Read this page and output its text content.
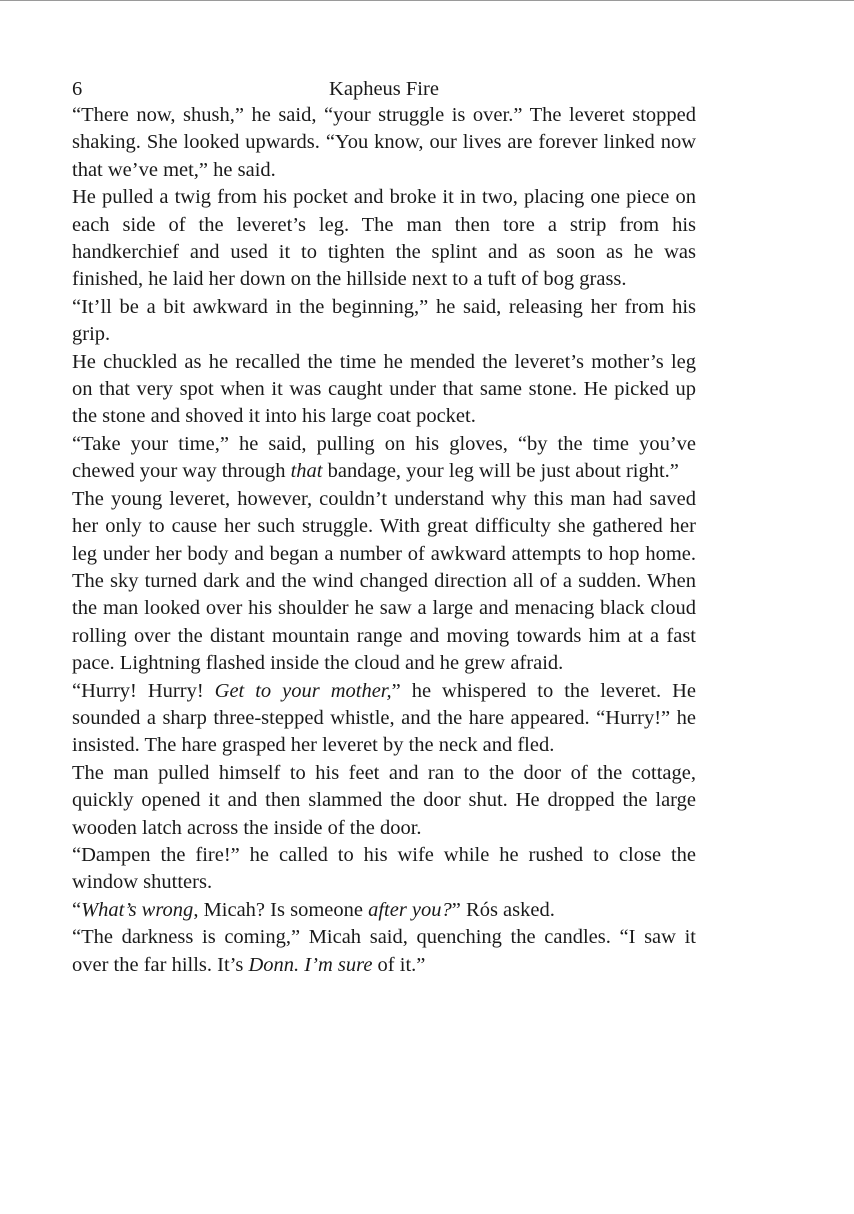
6	Kapheus Fire

“There now, shush,” he said, “your struggle is over.” The leveret stopped shaking. She looked upwards. “You know, our lives are forever linked now that we’ve met,” he said.

He pulled a twig from his pocket and broke it in two, placing one piece on each side of the leveret’s leg. The man then tore a strip from his handkerchief and used it to tighten the splint and as soon as he was finished, he laid her down on the hillside next to a tuft of bog grass.

“It’ll be a bit awkward in the beginning,” he said, releasing her from his grip.

He chuckled as he recalled the time he mended the leveret’s mother’s leg on that very spot when it was caught under that same stone. He picked up the stone and shoved it into his large coat pocket.

“Take your time,” he said, pulling on his gloves, “by the time you’ve chewed your way through that bandage, your leg will be just about right.”

The young leveret, however, couldn’t understand why this man had saved her only to cause her such struggle. With great difficulty she gathered her leg under her body and began a number of awkward attempts to hop home. The sky turned dark and the wind changed direction all of a sudden. When the man looked over his shoulder he saw a large and menacing black cloud rolling over the distant mountain range and moving towards him at a fast pace. Lightning flashed inside the cloud and he grew afraid.

“Hurry! Hurry! Get to your mother,” he whispered to the leveret. He sounded a sharp three-stepped whistle, and the hare appeared. “Hurry!” he insisted. The hare grasped her leveret by the neck and fled.

The man pulled himself to his feet and ran to the door of the cottage, quickly opened it and then slammed the door shut. He dropped the large wooden latch across the inside of the door.

“Dampen the fire!” he called to his wife while he rushed to close the window shutters.

“What’s wrong, Micah? Is someone after you?” Rós asked.

“The darkness is coming,” Micah said, quenching the candles. “I saw it over the far hills. It’s Donn. I’m sure of it.”
